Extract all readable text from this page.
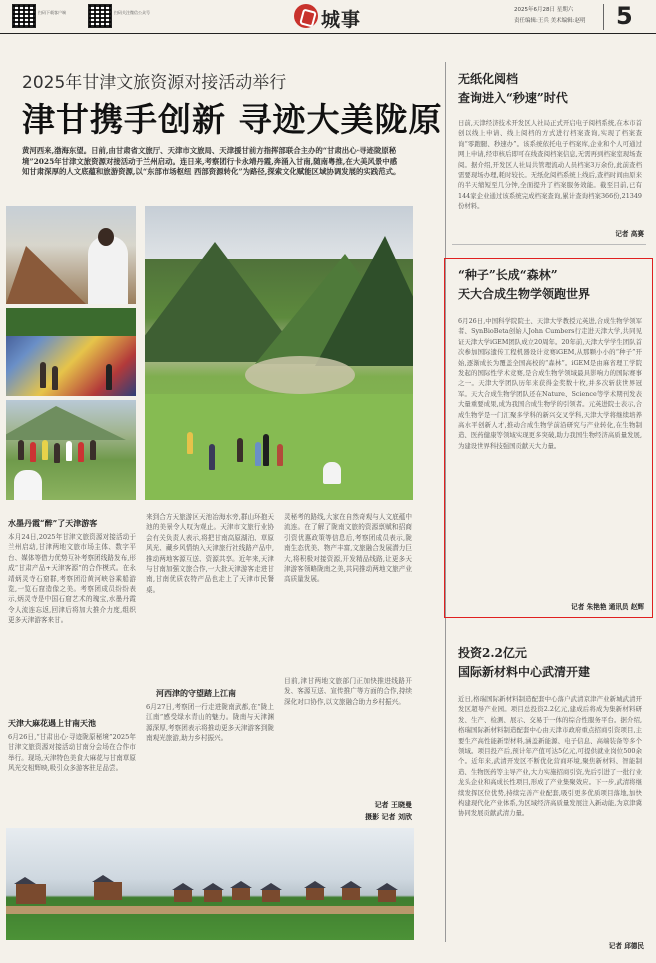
扫码下载客户端	扫码关注微信公众号	城事	2025年6月28日 星期六
责任编辑:王兵 美术编辑:赵明 5
2025年甘津文旅资源对接活动举行
津甘携手创新 寻迹大美陇原
黄河西来,渤海东望。日前,由甘肃省文旅厅、天津市文旅局、天津援甘前方指挥部联合主办的“甘肃出心·寻迹陇原秘境”2025年甘津文旅资源对接活动于兰州启动。连日来,考察团行卡永靖丹霞,奔涌入甘南,随南粤推,在大美风景中感知甘肃深厚的人文底蕴和旅游资源,以“东部市场枢纽 西部资源转化”为路径,探索文化赋能区域协调发展的实践范式。
水墨丹霞“醉”了天津游客
本月24日,2025年甘津文旅资源对接活动于兰州启动,甘津两地文旅市场主体、数字平台、媒体等借力优势互补考察团线路发布,形成“甘肃产品+天津客源”的合作模式。在永靖炳灵寺石窟群,考察团沿黄河峡谷乘船游览,一览石窟造像之美。考察团成员纷纷表示,炳灵寺是中国石窟艺术的瑰宝,水墨丹霞令人流连忘返,回津后将加大推介力度,组织更多天津游客来甘。
天津大麻花遇上甘南天池
6月26日,“甘肃出心·寻迹陇原秘境”2025年甘津文旅资源对接活动甘南分会场在合作市举行。现场,天津特色美食大麻花与甘南草原风光交相辉映,吸引众多游客驻足品尝。
来到合方天旅游区天池冶海水旁,群山环抱天池的美景令人叹为观止。天津市文旅行业协会有关负责人表示,将把甘南高原湖泊、草原风光、藏乡风情纳入天津旅行社线路产品中,推动两地客源互送、资源共享。近年来,天津与甘南加强文旅合作,一大批天津游客走进甘南,甘南优质农特产品也走上了天津市民餐桌。
河西津的守望踏上江南
6月27日,考察团一行走进陇南武都,在“陇上江南”感受绿水青山的魅力。陇南与天津渊源深厚,考察团表示将推动更多天津游客到陇南观光旅游,助力乡村振兴。
灵秘考的路线,大家在自然奇观与人文底蕴中流连。在了解了陇南文旅的资源禀赋和招商引资优惠政策等信息后,考察团成员表示,陇南生态优美、物产丰富,文旅融合发展潜力巨大,将积极对接资源,开发精品线路,让更多天津游客领略陇南之美,共同推动两地文旅产业高质量发展。
目前,津甘两地文旅部门正加快推进线路开发、客源互送、宣传推广等方面的合作,持续深化对口协作,以文旅融合助力乡村振兴。
记者 王晓曼
摄影 记者 刘欣
无纸化阅档
查询进入“秒速”时代
日前,天津经济技术开发区人社局正式开启电子阅档系统,在本市首创以线上申请、线上阅档的方式进行档案查询,实现了档案查询“零跑腿、秒速办”。该系统依托电子档案库,企业和个人可通过网上申请,经审核后即可在线查阅档案信息,无需再到档案室现场查阅。据介绍,开发区人社局共管理流动人员档案3万余份,此前查档需要现场办理,耗时较长。无纸化阅档系统上线后,查档时间由原来的半天缩短至几分钟,全面提升了档案服务效能。截至目前,已有144家企业通过该系统完成档案查询,累计查询档案366份,21349份材料。
记者 高赛
“种子”长成“森林”
天大合成生物学领跑世界
6月26日,中国科学院院士、天津大学教授元英进,合成生物学领军者、SynBioBeta创始人John Cumbers行走进天津大学,共同见证天津大学iGEM团队成立20周年。20年前,天津大学学生团队首次参加国际遗传工程机器设计竞赛iGEM,从那颗小小的“种子”开始,逐渐成长为覆盖全国高校的“森林”。iGEM是由麻省理工学院发起的国际性学术竞赛,是合成生物学领域最具影响力的国际赛事之一。天津大学团队历年来获得金奖数十枚,并多次斩获世界冠军。天大合成生物学团队还在Nature、Science等学术期刊发表大量重要成果,成为我国合成生物学的引领者。元英进院士表示,合成生物学是一门汇聚多学科的新兴交叉学科,天津大学将继续培养高水平创新人才,推动合成生物学前沿研究与产业转化,在生物制造、医药健康等领域实现更多突破,助力我国生物经济高质量发展,为建设世界科技强国贡献天大力量。
记者 朱艳艳 通讯员 赵辉
投资2.2亿元
国际新材料中心武清开建
近日,格瑞国际新材料制造配套中心落户武清京津产业新城武清开发区超导产业园。项目总投资2.2亿元,建成后将成为集新材料研发、生产、检测、展示、交易于一体的综合性服务平台。据介绍,格瑞国际新材料制造配套中心由天津市政府重点招商引资项目,主要生产高性能新型材料,涵盖新能源、电子信息、高端装备等多个领域。项目投产后,预计年产值可达5亿元,可提供就业岗位500余个。近年来,武清开发区不断优化营商环境,聚焦新材料、智能制造、生物医药等主导产业,大力实施招商引资,先后引进了一批行业龙头企业和高成长性项目,形成了产业集聚效应。下一步,武清将继续发挥区位优势,持续完善产业配套,吸引更多优质项目落地,加快构建现代化产业体系,为区域经济高质量发展注入新动能,为京津冀协同发展贡献武清力量。
记者 邱德民
